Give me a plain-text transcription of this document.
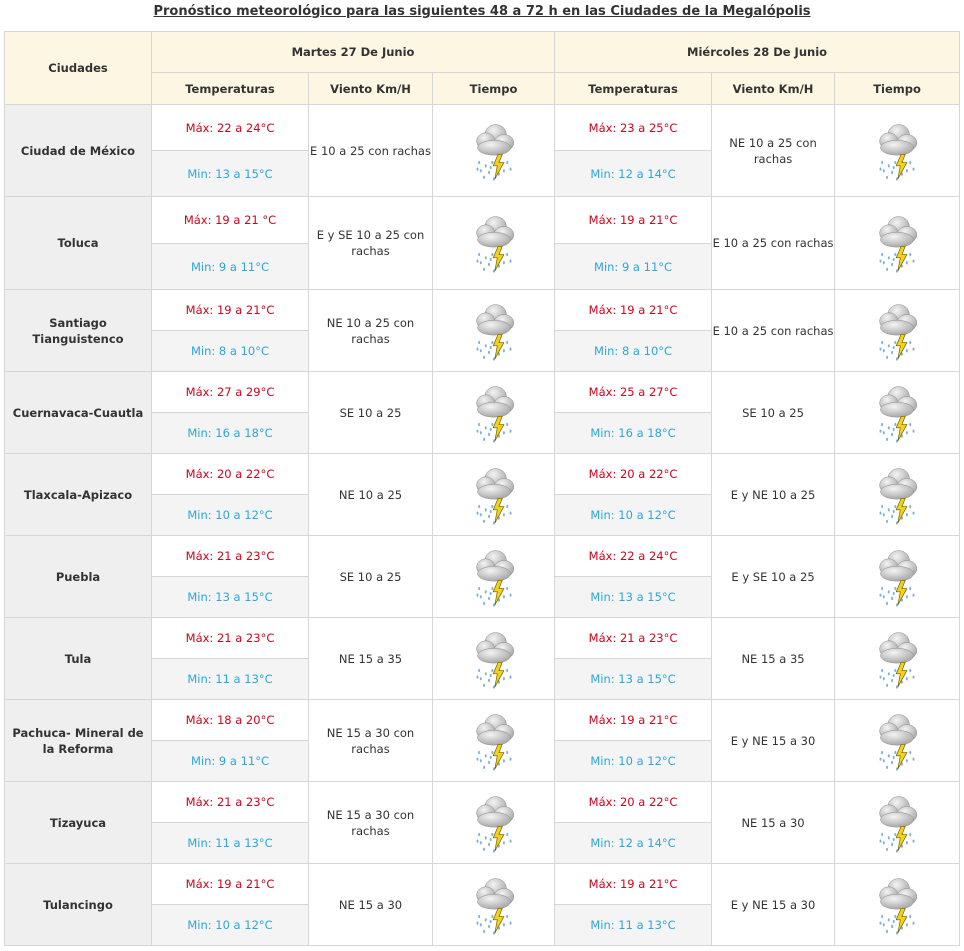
Pronóstico meteorológico para las siguientes 48 a 72 h en las Ciudades de la Megalópolis
Ciudades	Martes 27 De Junio			Miércoles 28 De Junio		
	Temperaturas	Viento Km/H	Tiempo	Temperaturas	Viento Km/H	Tiempo
Ciudad de México	Máx: 22 a 24°C	E 10 a 25 con rachas		Máx: 23 a 25°C	NE 10 a 25 con rachas	

	Min: 13 a 15°C			Min: 12 a 14°C		
Toluca	Máx: 19 a 21 °C	E y SE 10 a 25 con rachas		Máx: 19 a 21°C	E 10 a 25 con rachas	

	Min: 9 a 11°C			Min: 9 a 11°C		
Santiago Tianguistenco	Máx: 19 a 21°C	NE 10 a 25 con rachas		Máx: 19 a 21°C	E 10 a 25 con rachas	

	Min: 8 a 10°C			Min: 8 a 10°C		
Cuernavaca-Cuautla	Máx: 27 a 29°C	SE 10 a 25		Máx: 25 a 27°C	SE 10 a 25	

	Min: 16 a 18°C			Min: 16 a 18°C		
Tlaxcala-Apizaco	Máx: 20 a 22°C	NE 10 a 25		Máx: 20 a 22°C	E y NE 10 a 25	

	Min: 10 a 12°C			Min: 10 a 12°C		
Puebla	Máx: 21 a 23°C	SE 10 a 25		Máx: 22 a 24°C	E y SE 10 a 25	

	Min: 13 a 15°C			Min: 13 a 15°C		
Tula	Máx: 21 a 23°C	NE 15 a 35		Máx: 21 a 23°C	NE 15 a 35	

	Min: 11 a 13°C			Min: 13 a 15°C		
Pachuca- Mineral de la Reforma	Máx: 18 a 20°C	NE 15 a 30 con rachas		Máx: 19 a 21°C	E y NE 15 a 30	

	Min: 9 a 11°C			Min: 10 a 12°C		
Tizayuca	Máx: 21 a 23°C	NE 15 a 30 con rachas		Máx: 20 a 22°C	NE 15 a 30	

	Min: 11 a 13°C			Min: 12 a 14°C		
Tulancingo	Máx: 19 a 21°C	NE 15 a 30		Máx: 19 a 21°C	E y NE 15 a 30	

	Min: 10 a 12°C			Min: 11 a 13°C		
